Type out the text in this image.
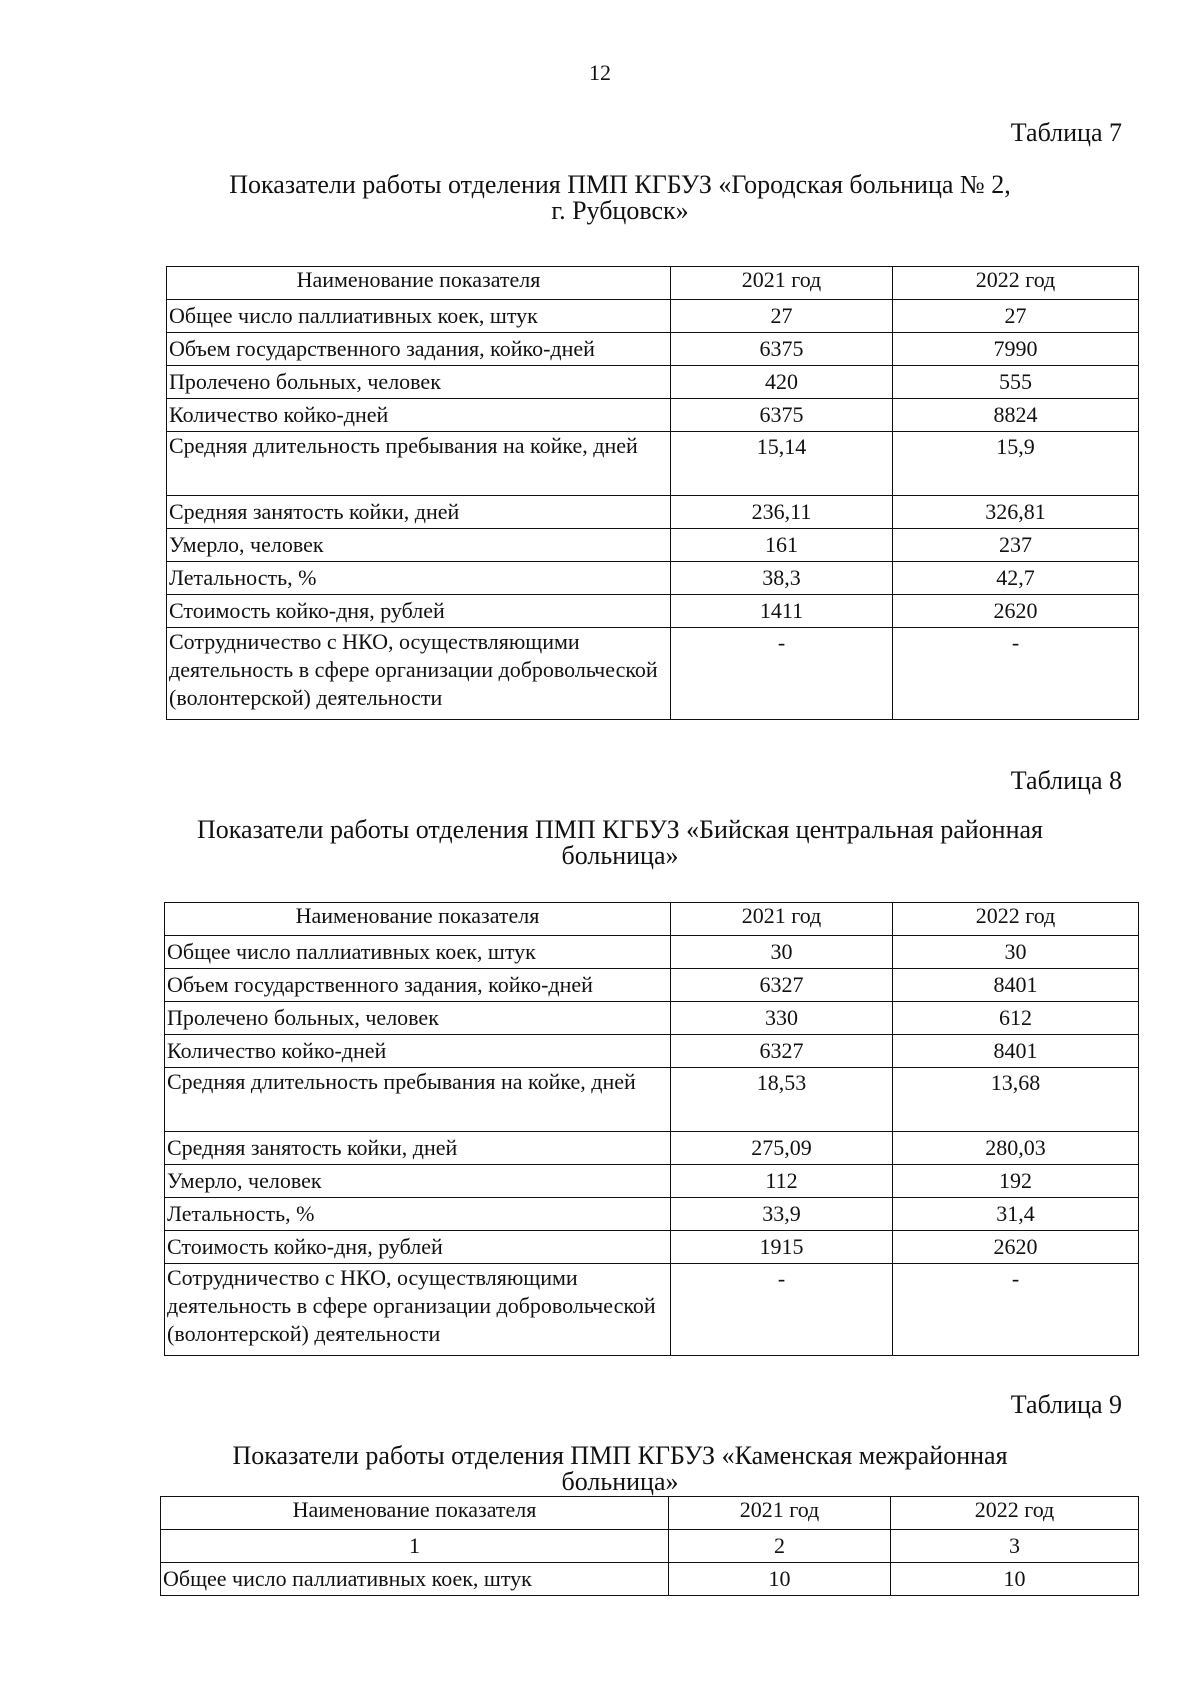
12
Таблица 7
Показатели работы отделения ПМП КГБУЗ «Городская больница № 2,
г. Рубцовск»
Наименование показателя	2021 год	2022 год
Общее число паллиативных коек, штук	27	27
Объем государственного задания, койко-дней	6375	7990
Пролечено больных, человек	420	555
Количество койко-дней	6375	8824
Средняя длительность пребывания на койке, дней	15,14	15,9
Средняя занятость койки, дней	236,11	326,81
Умерло, человек	161	237
Летальность, %	38,3	42,7
Стоимость койко-дня, рублей	1411	2620
Сотрудничество с НКО, осуществляющими деятельность в сфере организации добровольческой (волонтерской) деятельности	-	-
Таблица 8
Показатели работы отделения ПМП КГБУЗ «Бийская центральная районная
больница»
Наименование показателя	2021 год	2022 год
Общее число паллиативных коек, штук	30	30
Объем государственного задания, койко-дней	6327	8401
Пролечено больных, человек	330	612
Количество койко-дней	6327	8401
Средняя длительность пребывания на койке, дней	18,53	13,68
Средняя занятость койки, дней	275,09	280,03
Умерло, человек	112	192
Летальность, %	33,9	31,4
Стоимость койко-дня, рублей	1915	2620
Сотрудничество с НКО, осуществляющими деятельность в сфере организации добровольческой (волонтерской) деятельности	-	-
Таблица 9
Показатели работы отделения ПМП КГБУЗ «Каменская межрайонная
больница»
Наименование показателя	2021 год	2022 год
1	2	3
Общее число паллиативных коек, штук	10	10
